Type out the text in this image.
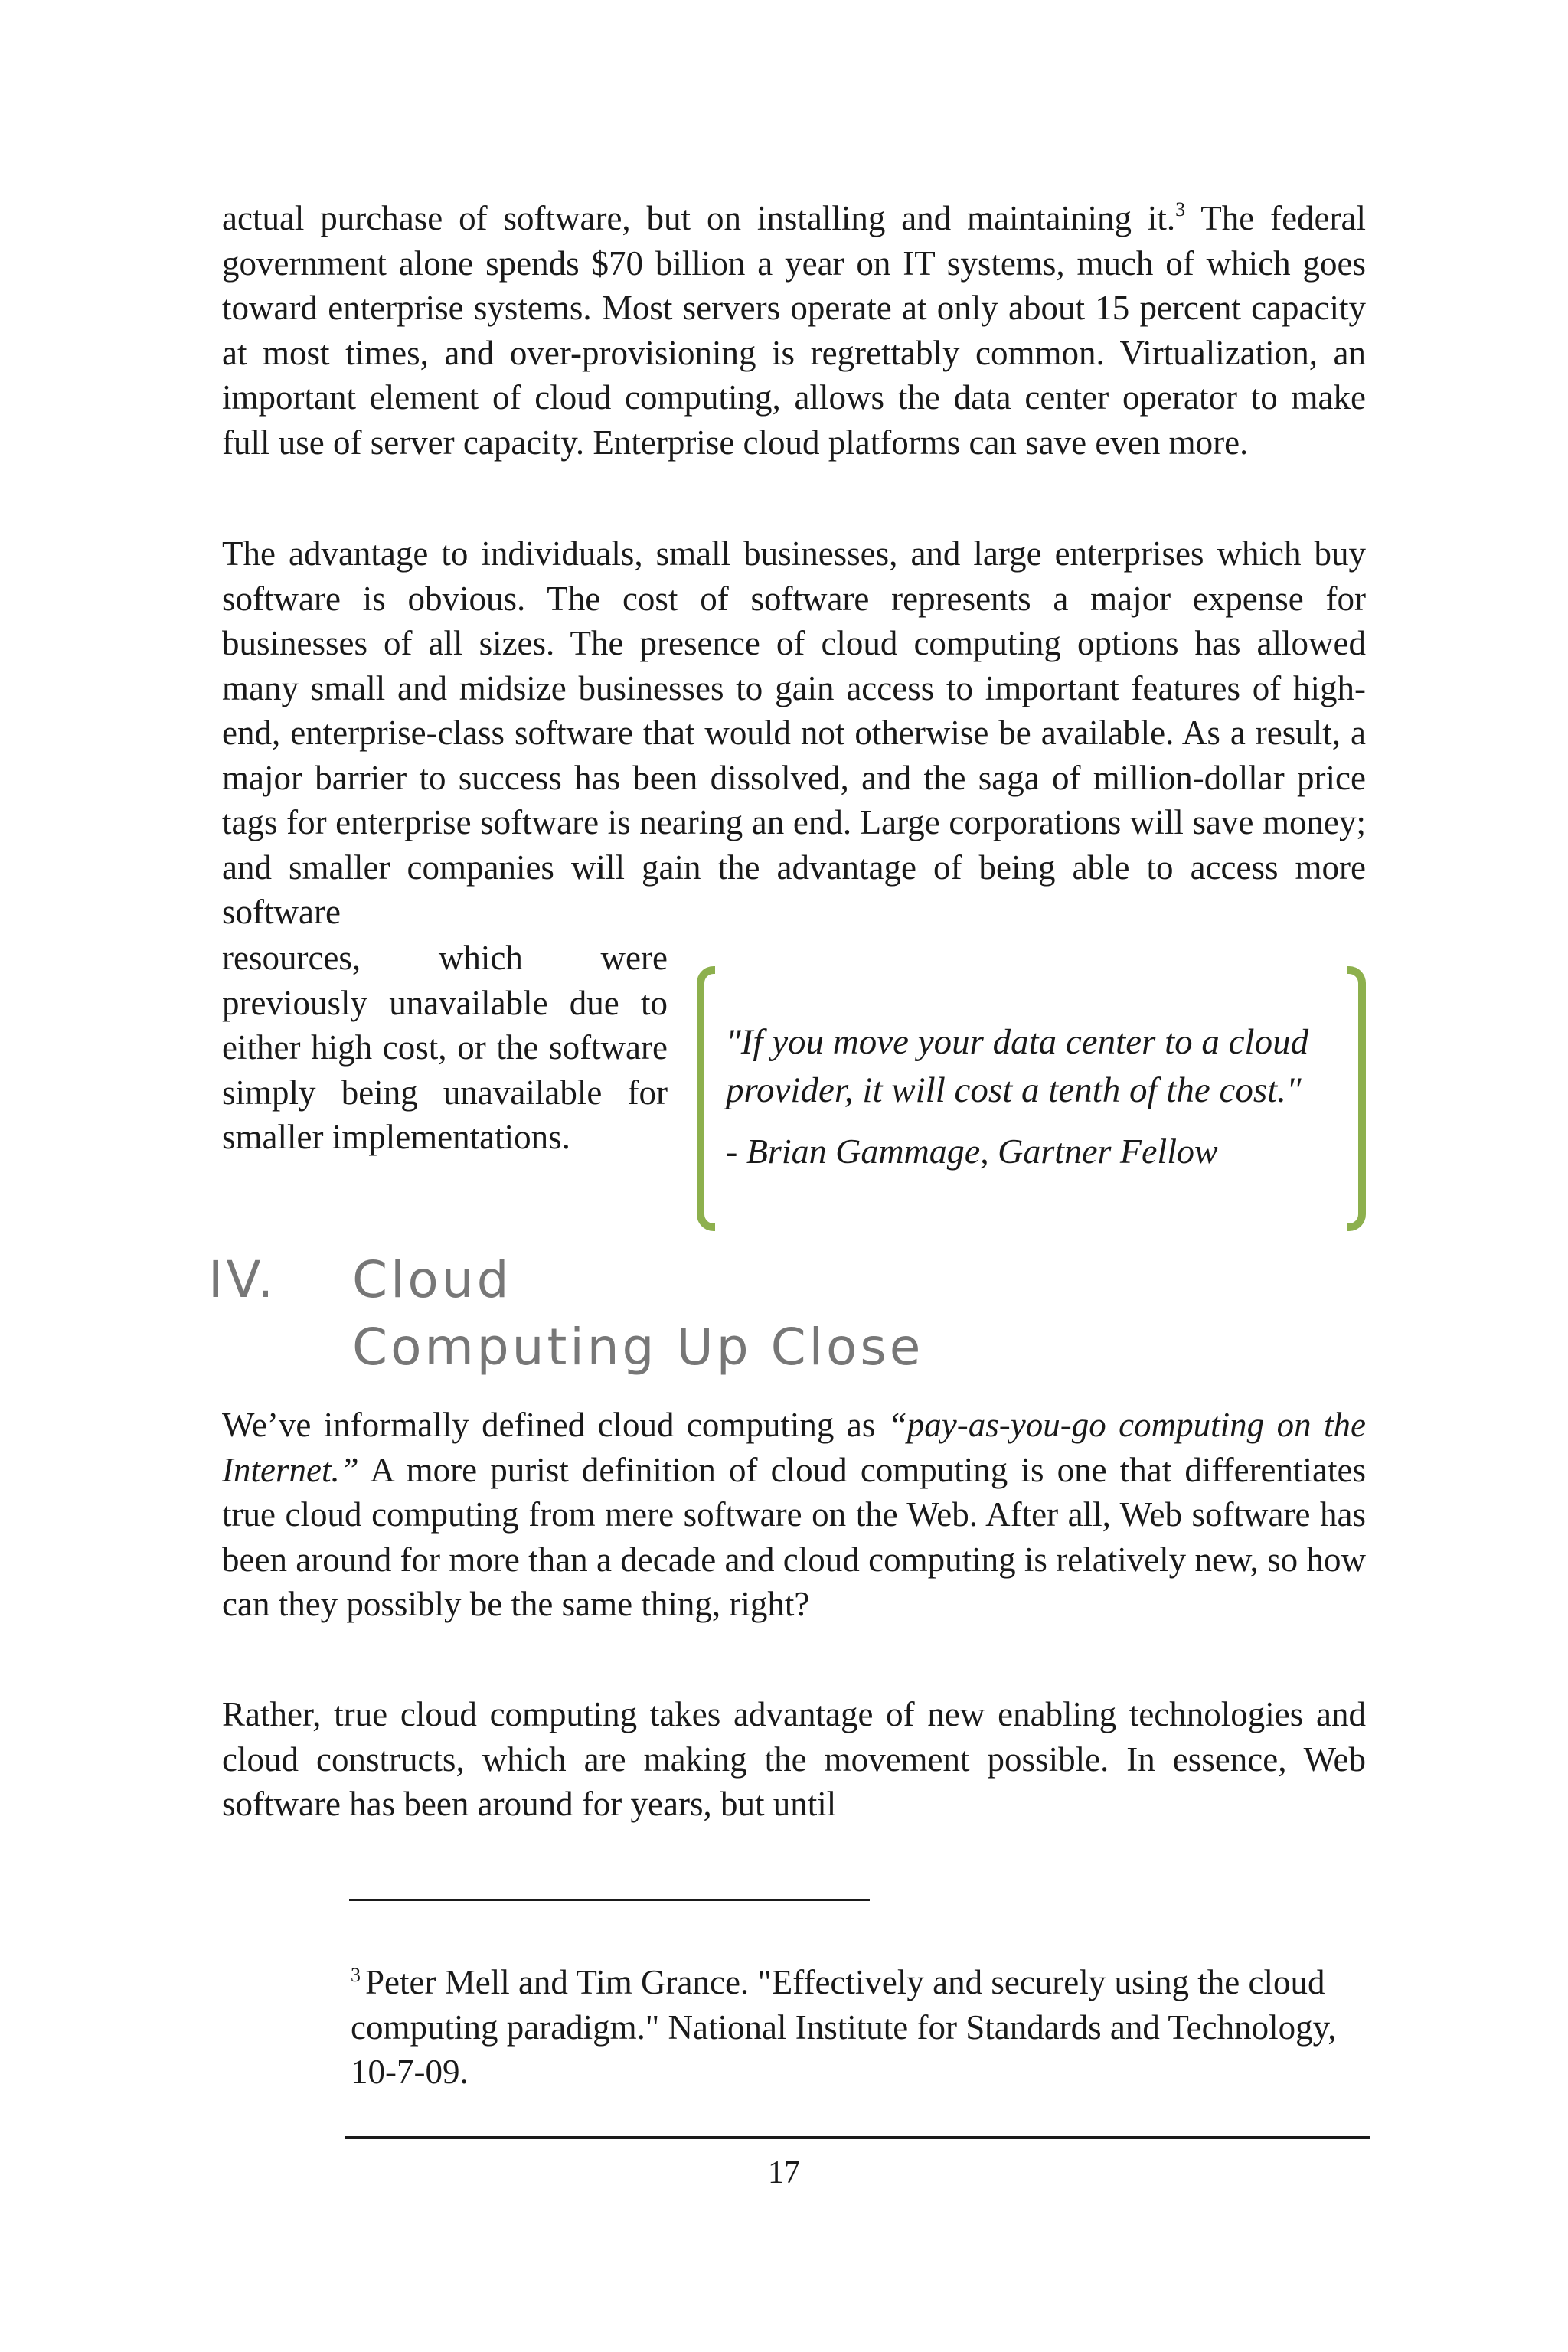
actual purchase of software, but on installing and maintaining it.$^3$ The federal government alone spends $70 billion a year on IT systems, much of which goes toward enterprise systems. Most servers operate at only about 15 percent capacity at most times, and over-provisioning is regrettably common. Virtualization, an important element of cloud computing, allows the data center operator to make full use of server capacity. Enterprise cloud platforms can save even more.

The advantage to individuals, small businesses, and large enterprises which buy software is obvious. The cost of software represents a major expense for businesses of all sizes. The presence of cloud computing options has allowed many small and midsize businesses to gain access to important features of high-end, enterprise-class software that would not otherwise be available. As a result, a major barrier to success has been dissolved, and the saga of million-dollar price tags for enterprise software is nearing an end. Large corporations will save money; and smaller companies will gain the advantage of being able to access more software

resources, which were previously unavailable due to either high cost, or the software simply being unavailable for smaller implementations.

"If you move your data center to a cloud provider, it will cost a tenth of the cost."
- Brian Gammage, Gartner Fellow
IV. Cloud
Computing Up Close

We’ve informally defined cloud computing as “pay-as-you-go computing on the Internet.” A more purist definition of cloud computing is one that differentiates true cloud computing from mere software on the Web. After all, Web software has been around for more than a decade and cloud computing is relatively new, so how can they possibly be the same thing, right?

Rather, true cloud computing takes advantage of new enabling technologies and cloud constructs, which are making the movement possible. In essence, Web software has been around for years, but until

$^3$ Peter Mell and Tim Grance. "Effectively and securely using the cloud computing paradigm." National Institute for Standards and Technology, 10-7-09.

17
